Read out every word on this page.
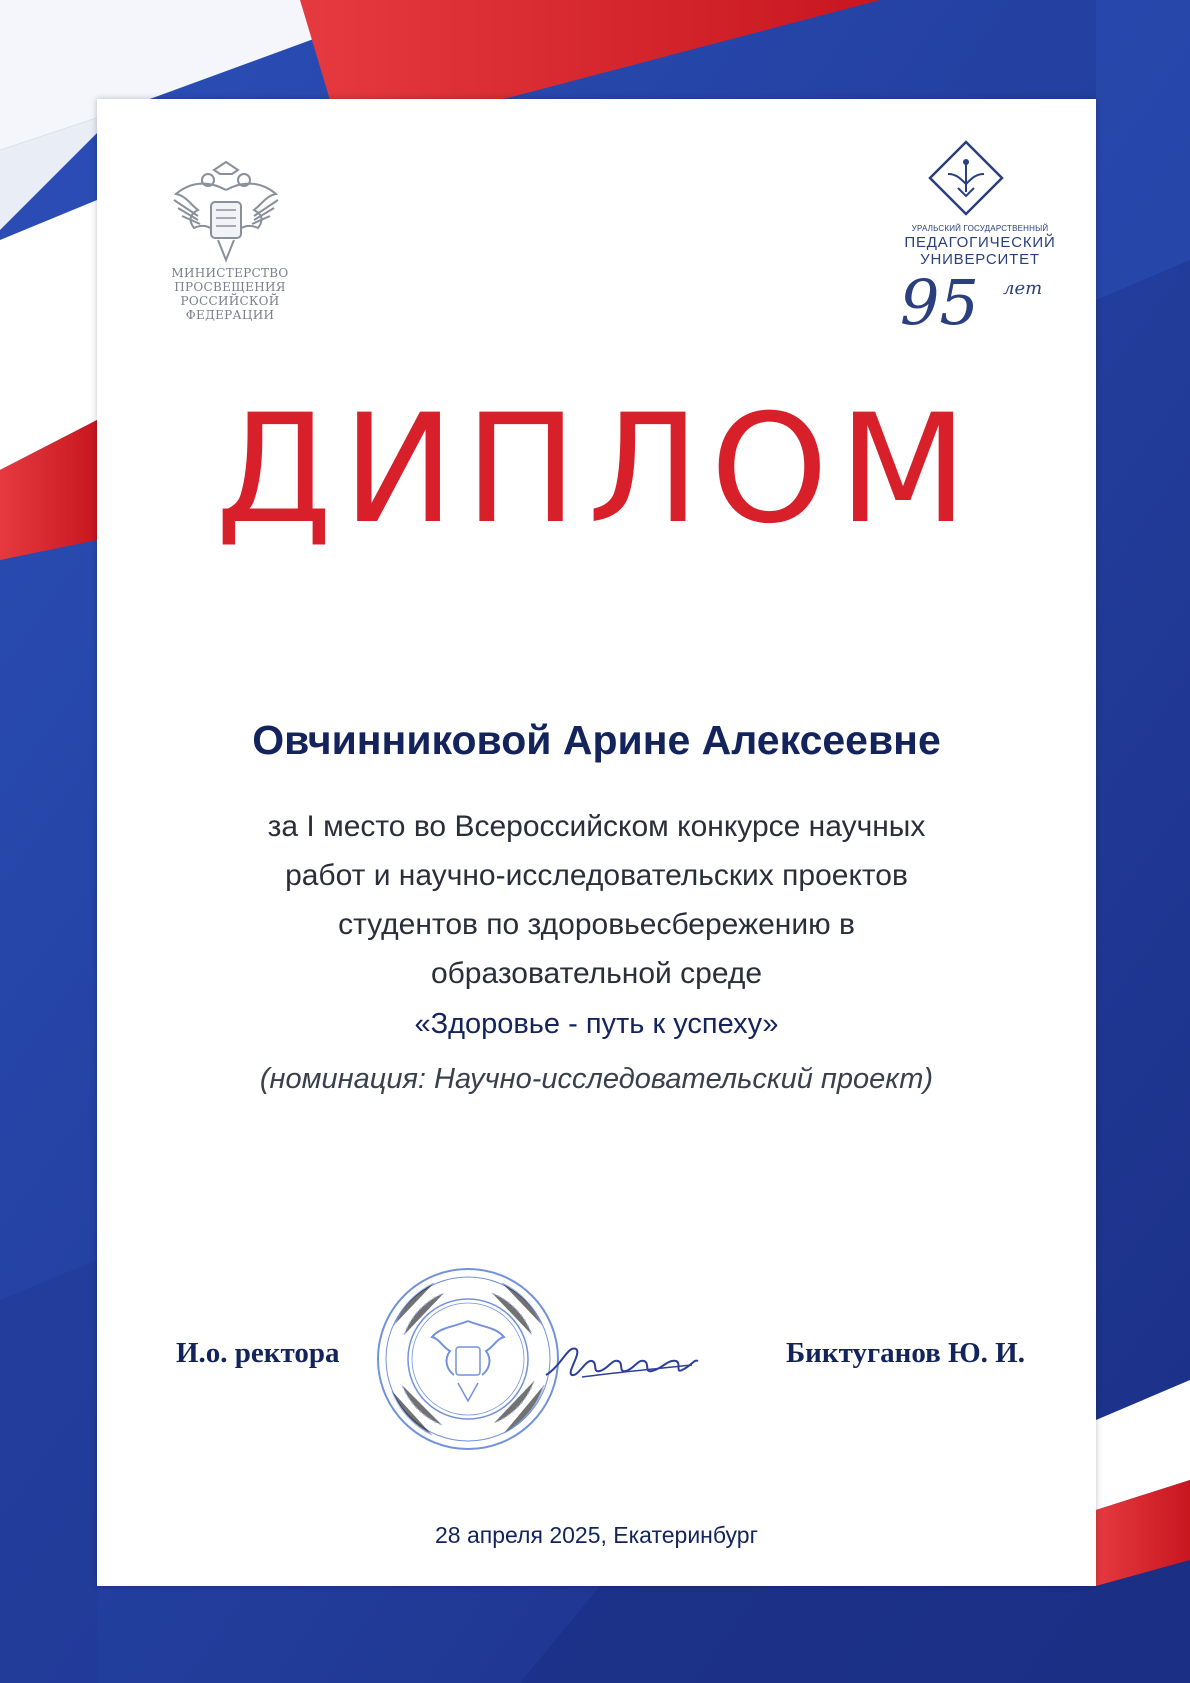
МИНИСТЕРСТВО
ПРОСВЕЩЕНИЯ
РОССИЙСКОЙ
ФЕДЕРАЦИИ
УРАЛЬСКИЙ ГОСУДАРСТВЕННЫЙ
ПЕДАГОГИЧЕСКИЙ
УНИВЕРСИТЕТ
95	лет
ДИПЛОМ
Овчинниковой Арине Алексеевне
за I место во Всероссийском конкурсе научных
работ и научно-исследовательских проектов
студентов по здоровьесбережению в
образовательной среде
«Здоровье - путь к успеху»
(номинация: Научно-исследовательский проект)
И.о. ректора	Биктуганов Ю. И.
28 апреля 2025, Екатеринбург
